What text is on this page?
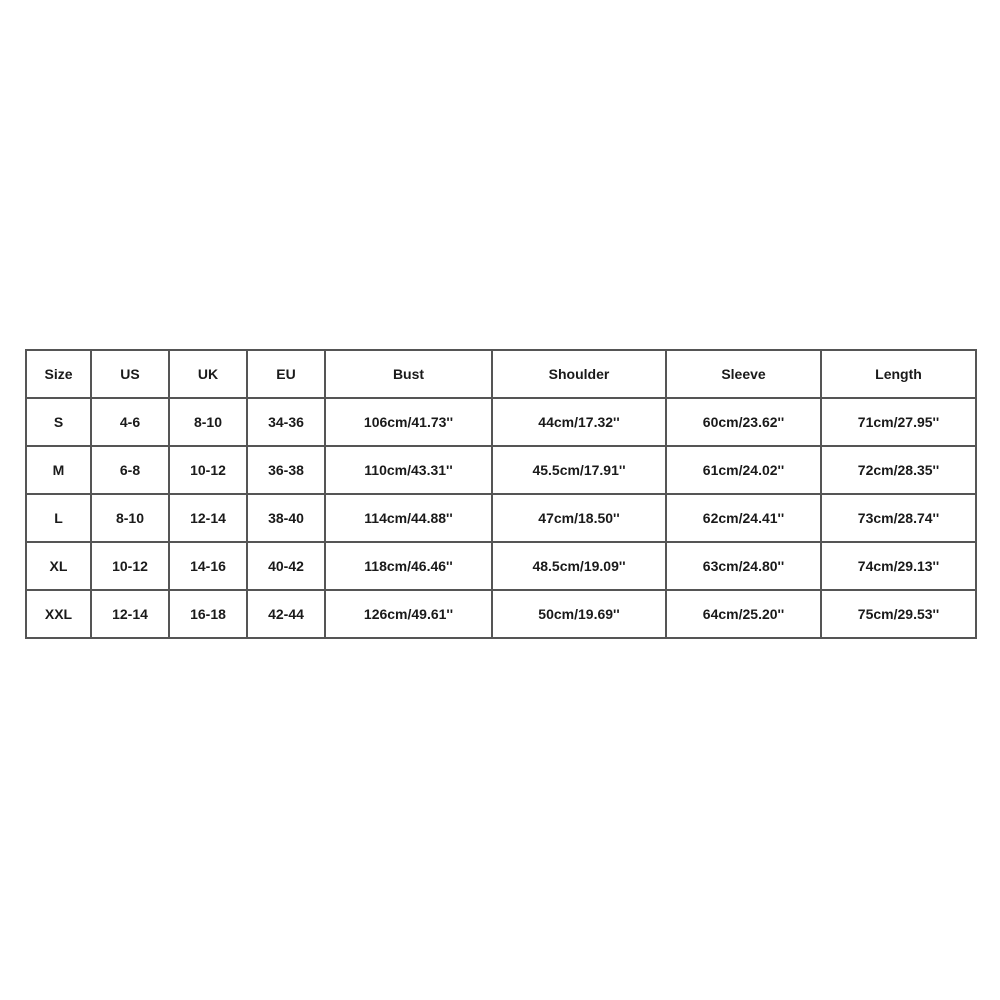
Size	US	UK	EU	Bust	Shoulder	Sleeve	Length
S	4-6	8-10	34-36	106cm/41.73''	44cm/17.32''	60cm/23.62''	71cm/27.95''
M	6-8	10-12	36-38	110cm/43.31''	45.5cm/17.91''	61cm/24.02''	72cm/28.35''
L	8-10	12-14	38-40	114cm/44.88''	47cm/18.50''	62cm/24.41''	73cm/28.74''
XL	10-12	14-16	40-42	118cm/46.46''	48.5cm/19.09''	63cm/24.80''	74cm/29.13''
XXL	12-14	16-18	42-44	126cm/49.61''	50cm/19.69''	64cm/25.20''	75cm/29.53''
